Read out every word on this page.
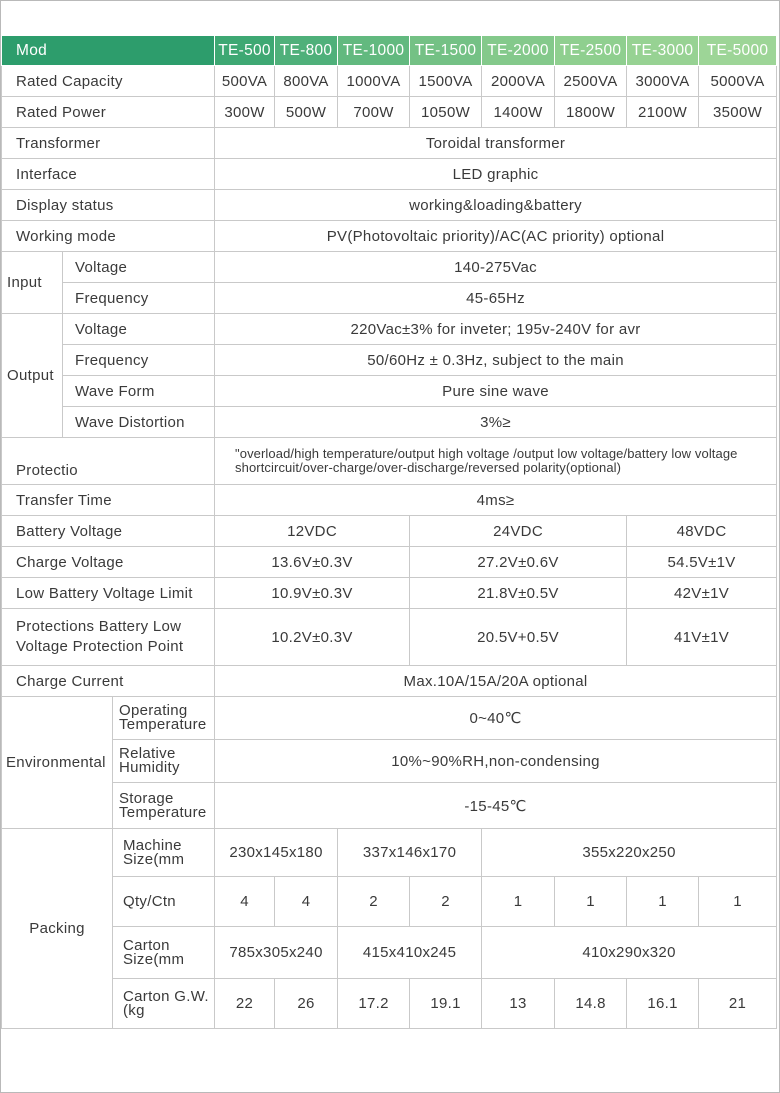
Mod			TE-500	TE-800	TE-1000	TE-1500	TE-2000	TE-2500	TE-3000	TE-5000
Rated Capacity			500VA	800VA	1000VA	1500VA	2000VA	2500VA	3000VA	5000VA
Rated Power			300W	500W	700W	1050W	1400W	1800W	2100W	3500W
Transformer			Toroidal transformer							
Interface			LED graphic							
Display status			working&loading&battery							
Working mode			PV(Photovoltaic priority)/AC(AC priority) optional							
Input	Voltage		140-275Vac							
	Frequency		45-65Hz							
Output	Voltage		220Vac±3% for inveter; 195v-240V for avr							
	Frequency		50/60Hz ± 0.3Hz, subject to the main							
	Wave Form		Pure sine wave							
	Wave Distortion		3%≥							
Protectio			"overload/high temperature/output high voltage /output low voltage/battery low voltage shortcircuit/over-charge/over-discharge/reversed polarity(optional)							

Transfer Time			4ms≥							
Battery Voltage			12VDC			24VDC			48VDC	
Charge Voltage			13.6V±0.3V			27.2V±0.6V			54.5V±1V	
Low Battery Voltage Limit			10.9V±0.3V			21.8V±0.5V			42V±1V	
Protections Battery Low Voltage Protection Point			10.2V±0.3V			20.5V+0.5V			41V±1V	
Charge Current			Max.10A/15A/20A optional							
Environmental		Operating Temperature	0~40℃							
		Relative Humidity	10%~90%RH,non-condensing							
		Storage Temperature	-15-45℃							
Packing		Machine Size(mm	230x145x180		337x146x170		355x220x250			
		Qty/Ctn	4	4	2	2	1	1	1	1
		Carton Size(mm	785x305x240		415x410x245		410x290x320			
		Carton G.W.(kg	22	26	17.2	19.1	13	14.8	16.1	21
